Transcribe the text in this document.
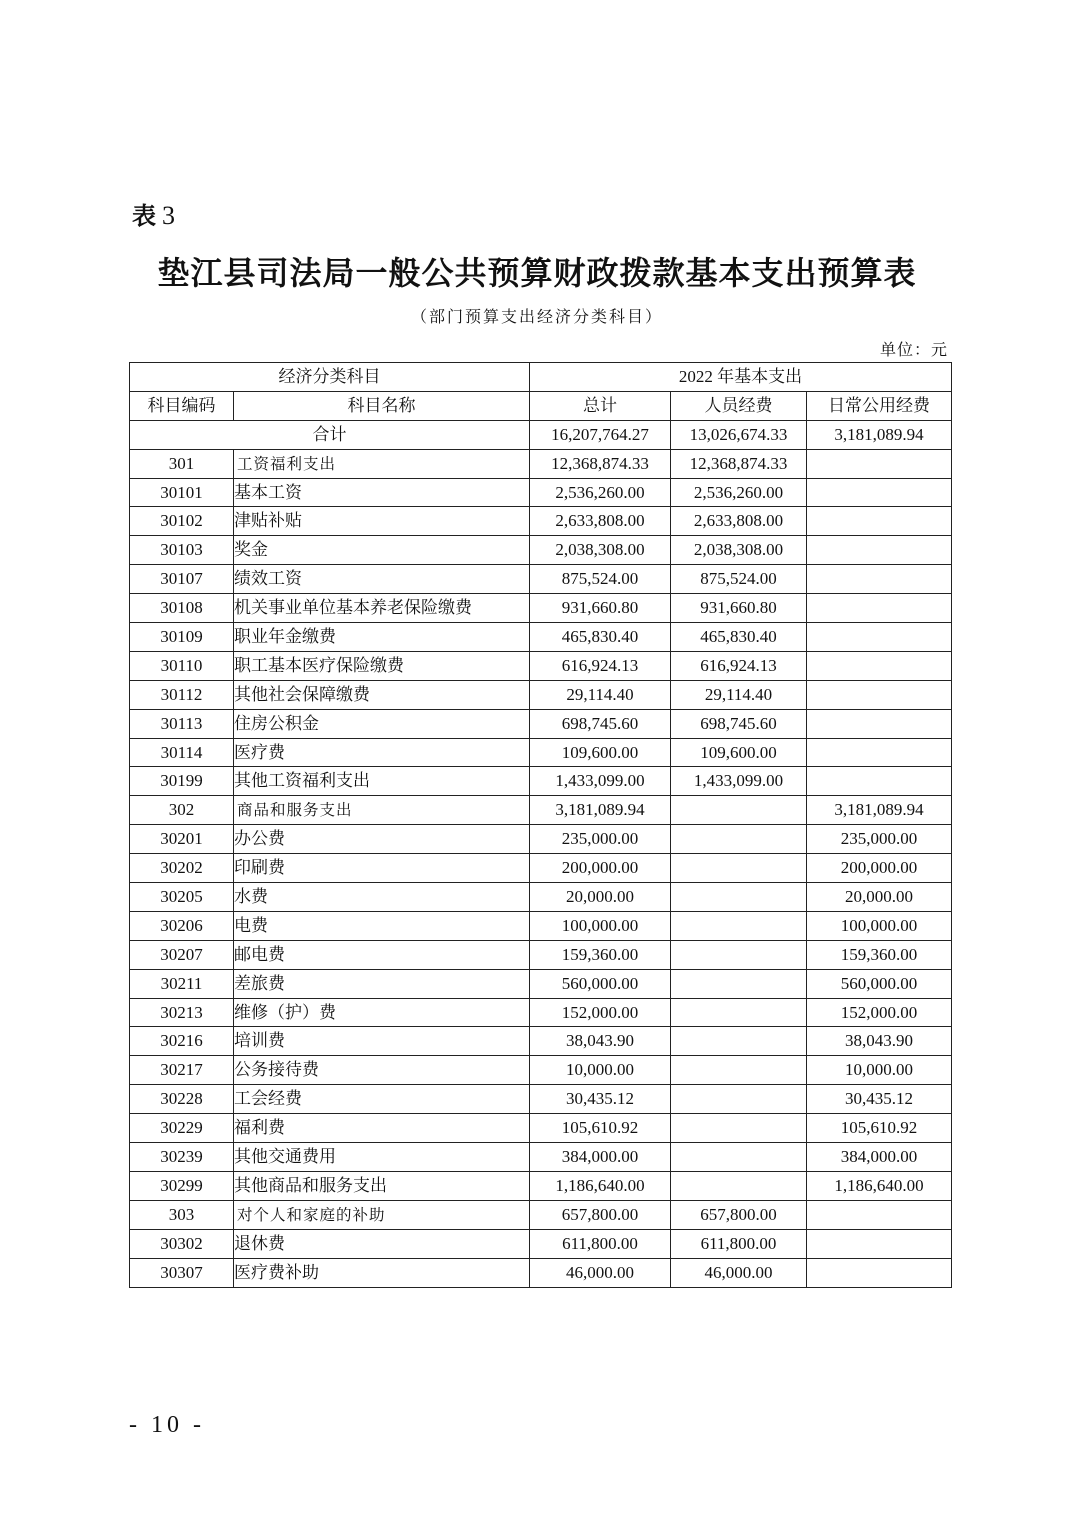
表 3
垫江县司法局一般公共预算财政拨款基本支出预算表
（部门预算支出经济分类科目）
单位：元
经济分类科目		2022 年基本支出		
科目编码	科目名称	总计	人员经费	日常公用经费
合计		16,207,764.27	13,026,674.33	3,181,089.94
301	工资福利支出	12,368,874.33	12,368,874.33	
30101	基本工资	2,536,260.00	2,536,260.00	
30102	津贴补贴	2,633,808.00	2,633,808.00	
30103	奖金	2,038,308.00	2,038,308.00	
30107	绩效工资	875,524.00	875,524.00	
30108	机关事业单位基本养老保险缴费	931,660.80	931,660.80	
30109	职业年金缴费	465,830.40	465,830.40	
30110	职工基本医疗保险缴费	616,924.13	616,924.13	
30112	其他社会保障缴费	29,114.40	29,114.40	
30113	住房公积金	698,745.60	698,745.60	
30114	医疗费	109,600.00	109,600.00	
30199	其他工资福利支出	1,433,099.00	1,433,099.00	
302	商品和服务支出	3,181,089.94		3,181,089.94
30201	办公费	235,000.00		235,000.00
30202	印刷费	200,000.00		200,000.00
30205	水费	20,000.00		20,000.00
30206	电费	100,000.00		100,000.00
30207	邮电费	159,360.00		159,360.00
30211	差旅费	560,000.00		560,000.00
30213	维修（护）费	152,000.00		152,000.00
30216	培训费	38,043.90		38,043.90
30217	公务接待费	10,000.00		10,000.00
30228	工会经费	30,435.12		30,435.12
30229	福利费	105,610.92		105,610.92
30239	其他交通费用	384,000.00		384,000.00
30299	其他商品和服务支出	1,186,640.00		1,186,640.00
303	对个人和家庭的补助	657,800.00	657,800.00	
30302	退休费	611,800.00	611,800.00	
30307	医疗费补助	46,000.00	46,000.00	
- 10 -
